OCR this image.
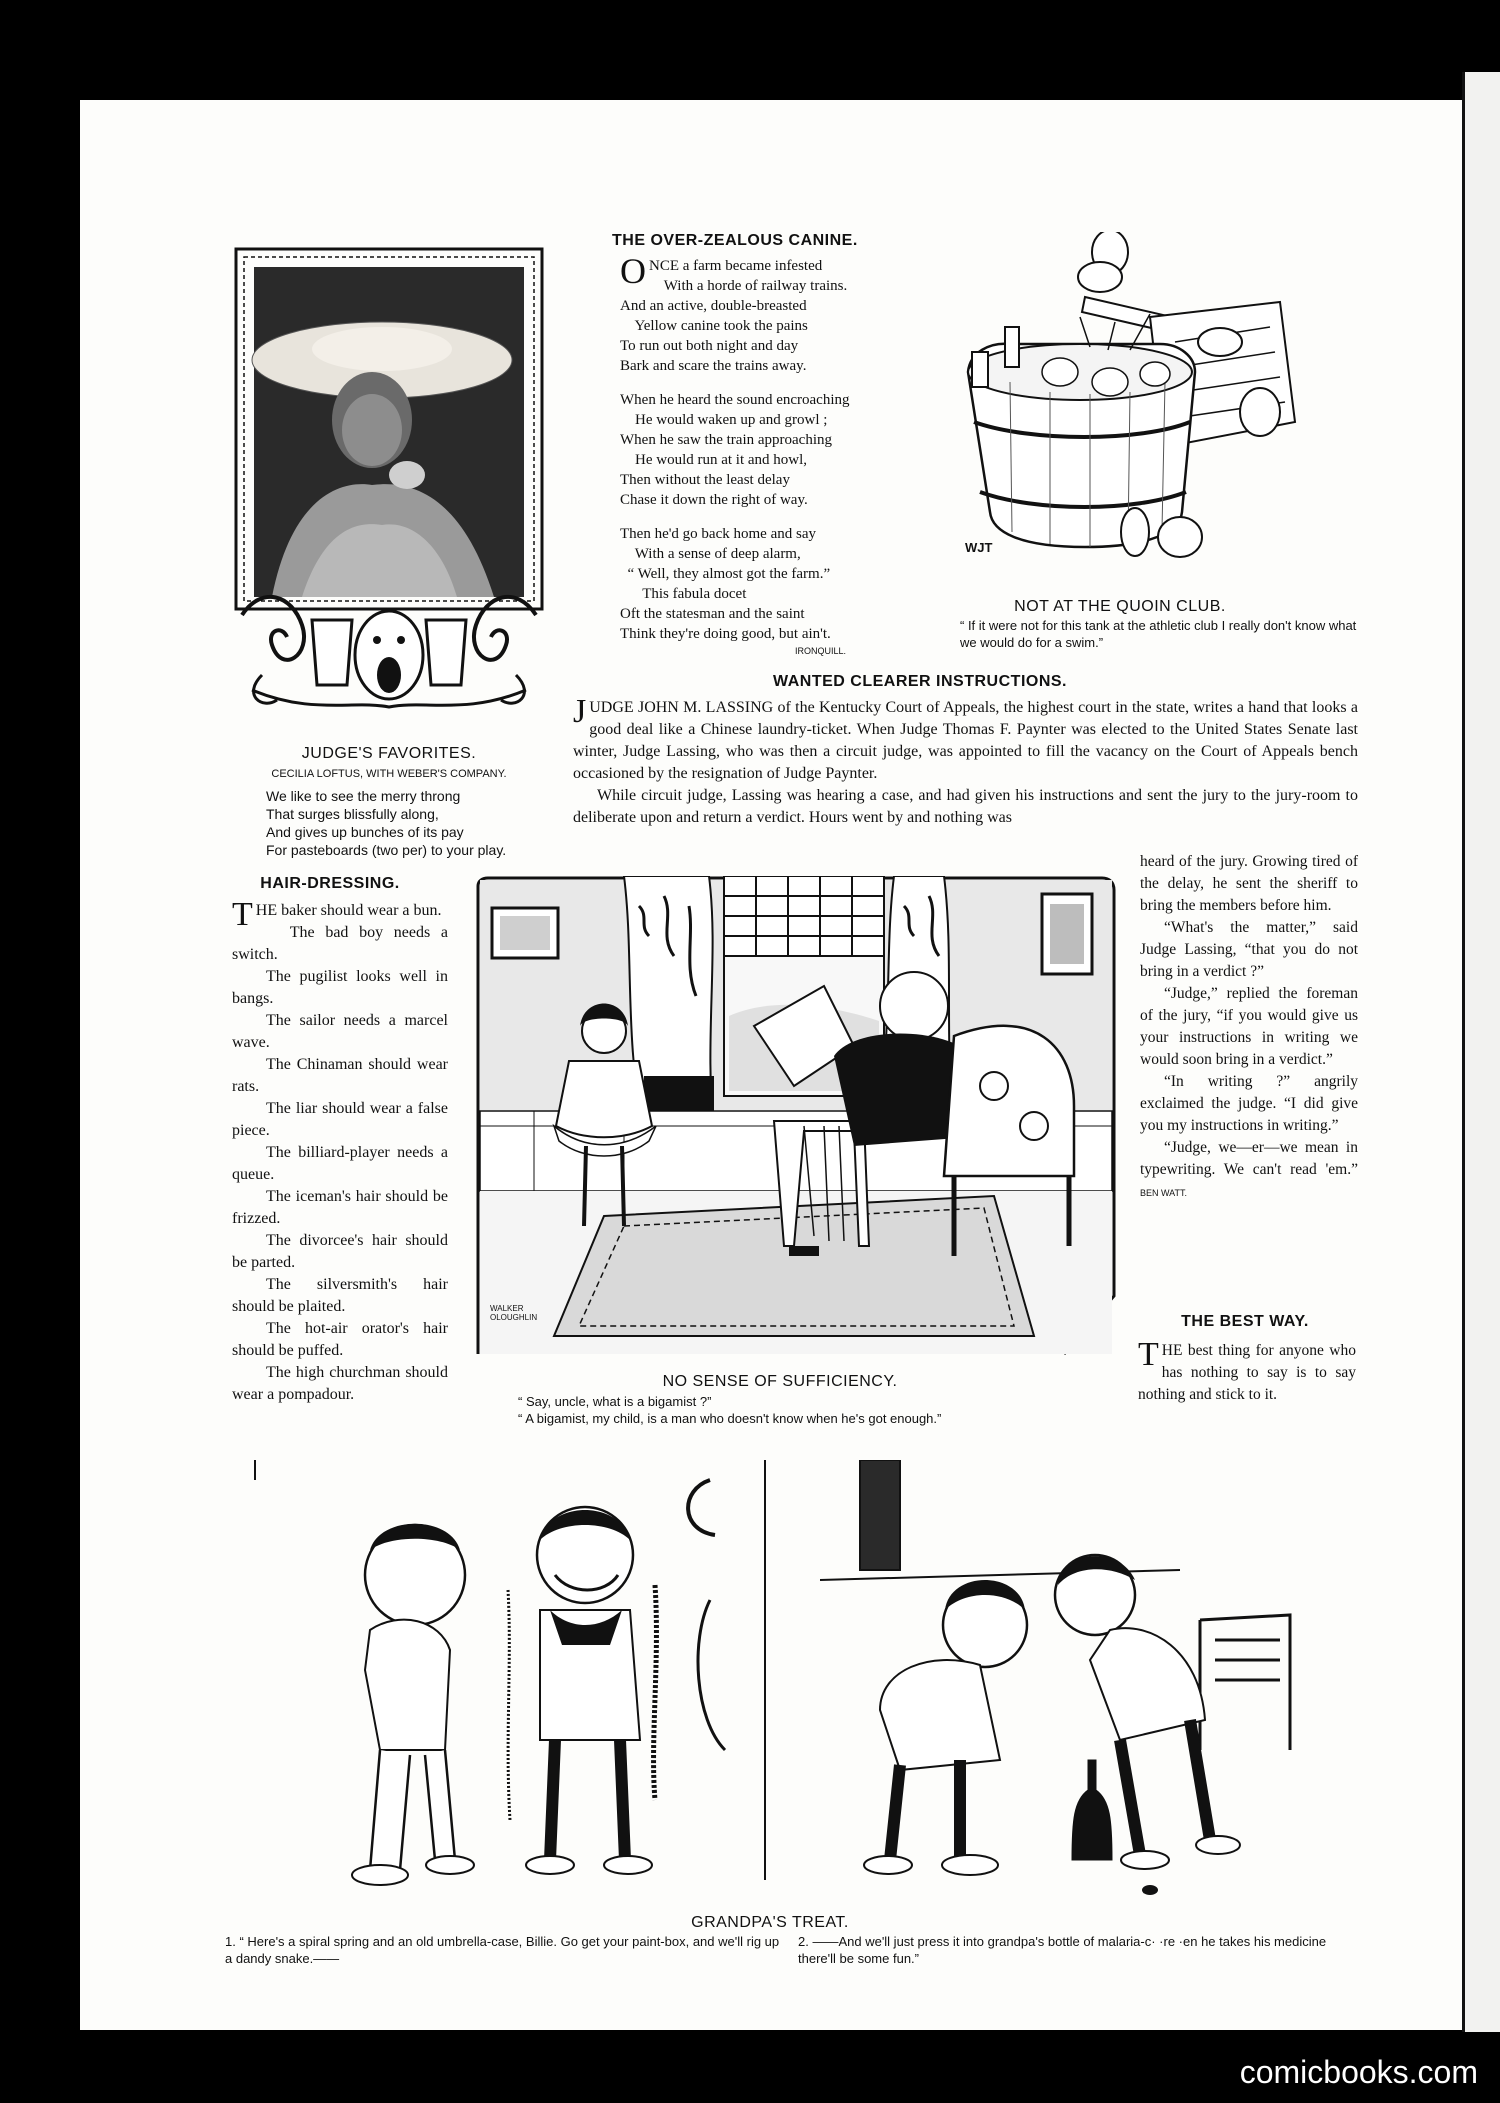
JUDGE'S FAVORITES.
CECILIA LOFTUS, WITH WEBER'S COMPANY.
We like to see the merry throng
That surges blissfully along,
And gives up bunches of its pay
For pasteboards (two per) to your play.
THE OVER-ZEALOUS CANINE.
O NCE a farm became infested
With a horde of railway trains.
And an active, double-breasted
Yellow canine took the pains
To run out both night and day
Bark and scare the trains away.
When he heard the sound encroaching
He would waken up and growl ;
When he saw the train approaching
He would run at it and howl,
Then without the least delay
Chase it down the right of way.
Then he'd go back home and say
With a sense of deep alarm,
“ Well, they almost got the farm.”
This fabula docet
Oft the statesman and the saint
Think they're doing good, but ain't.
IRONQUILL.
WJT
NOT AT THE QUOIN CLUB.
“ If it were not for this tank at the athletic club I really don't know what we would do for a swim.”
WANTED CLEARER INSTRUCTIONS.
J UDGE JOHN M. LASSING of the Kentucky Court of Appeals, the highest court in the state, writes a hand that looks a good deal like a Chinese laundry-ticket. When Judge Thomas F. Paynter was elected to the United States Senate last winter, Judge Lassing, who was then a circuit judge, was appointed to fill the vacancy on the Court of Appeals bench occasioned by the resignation of Judge Paynter.

While circuit judge, Lassing was hearing a case, and had given his instructions and sent the jury to the jury-room to deliberate upon and return a verdict. Hours went by and nothing was

heard of the jury. Growing tired of the delay, he sent the sheriff to bring the members before him.

“What's the matter,” said Judge Lassing, “that you do not bring in a verdict ?”

“Judge,” replied the foreman of the jury, “if you would give us your instructions in writing we would soon bring in a verdict.”

“In writing ?” angrily exclaimed the judge. “I did give you my instructions in writing.”

“Judge, we—er—we mean in typewriting. We can't read 'em.” BEN WATT.

HAIR-DRESSING.
T HE baker should wear a bun.

The bad boy needs a switch.

The pugilist looks well in bangs.

The sailor needs a marcel wave.

The Chinaman should wear rats.

The liar should wear a false piece.

The billiard-player needs a queue.

The iceman's hair should be frizzed.

The divorcee's hair should be parted.

The silversmith's hair should be plaited.

The hot-air orator's hair should be puffed.

The high churchman should wear a pompadour.

WALKER OLOUGHLIN
NO SENSE OF SUFFICIENCY.
“ Say, uncle, what is a bigamist ?”
“ A bigamist, my child, is a man who doesn't know when he's got enough.”
THE BEST WAY.
T HE best thing for anyone who has nothing to say is to say nothing and stick to it.
GRANDPA'S TREAT.
1. “ Here's a spiral spring and an old umbrella-case, Billie. Go get your paint-box, and we'll rig up a dandy snake.——
2. ——And we'll just press it into grandpa's bottle of malaria-c· ·re ·en he takes his medicine there'll be some fun.”
comicbooks.com
